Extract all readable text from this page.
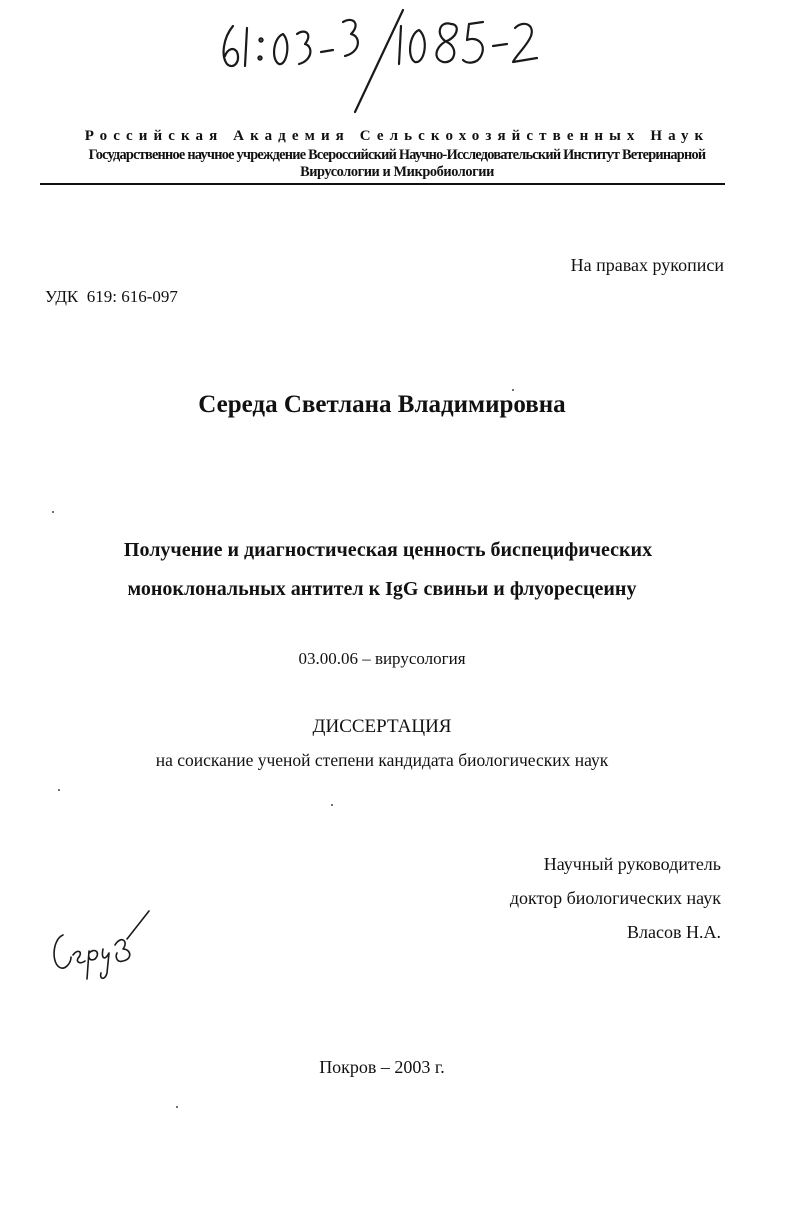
61:03-3/1085-2
Российская Академия Сельскохозяйственных Наук
Государственное научное учреждение Всероссийский Научно-Исследовательский Институт Ветеринарной
Вирусологии и Микробиологии
На правах рукописи
УДК  619: 616-097
Середа Светлана Владимировна
Получение и диагностическая ценность биспецифических
моноклональных антител к IgG свиньи и флуоресцеину
03.00.06 – вирусология
ДИССЕРТАЦИЯ
на соискание ученой степени кандидата биологических наук
Научный руководитель
доктор биологических наук
Власов Н.А.
Покров – 2003 г.
